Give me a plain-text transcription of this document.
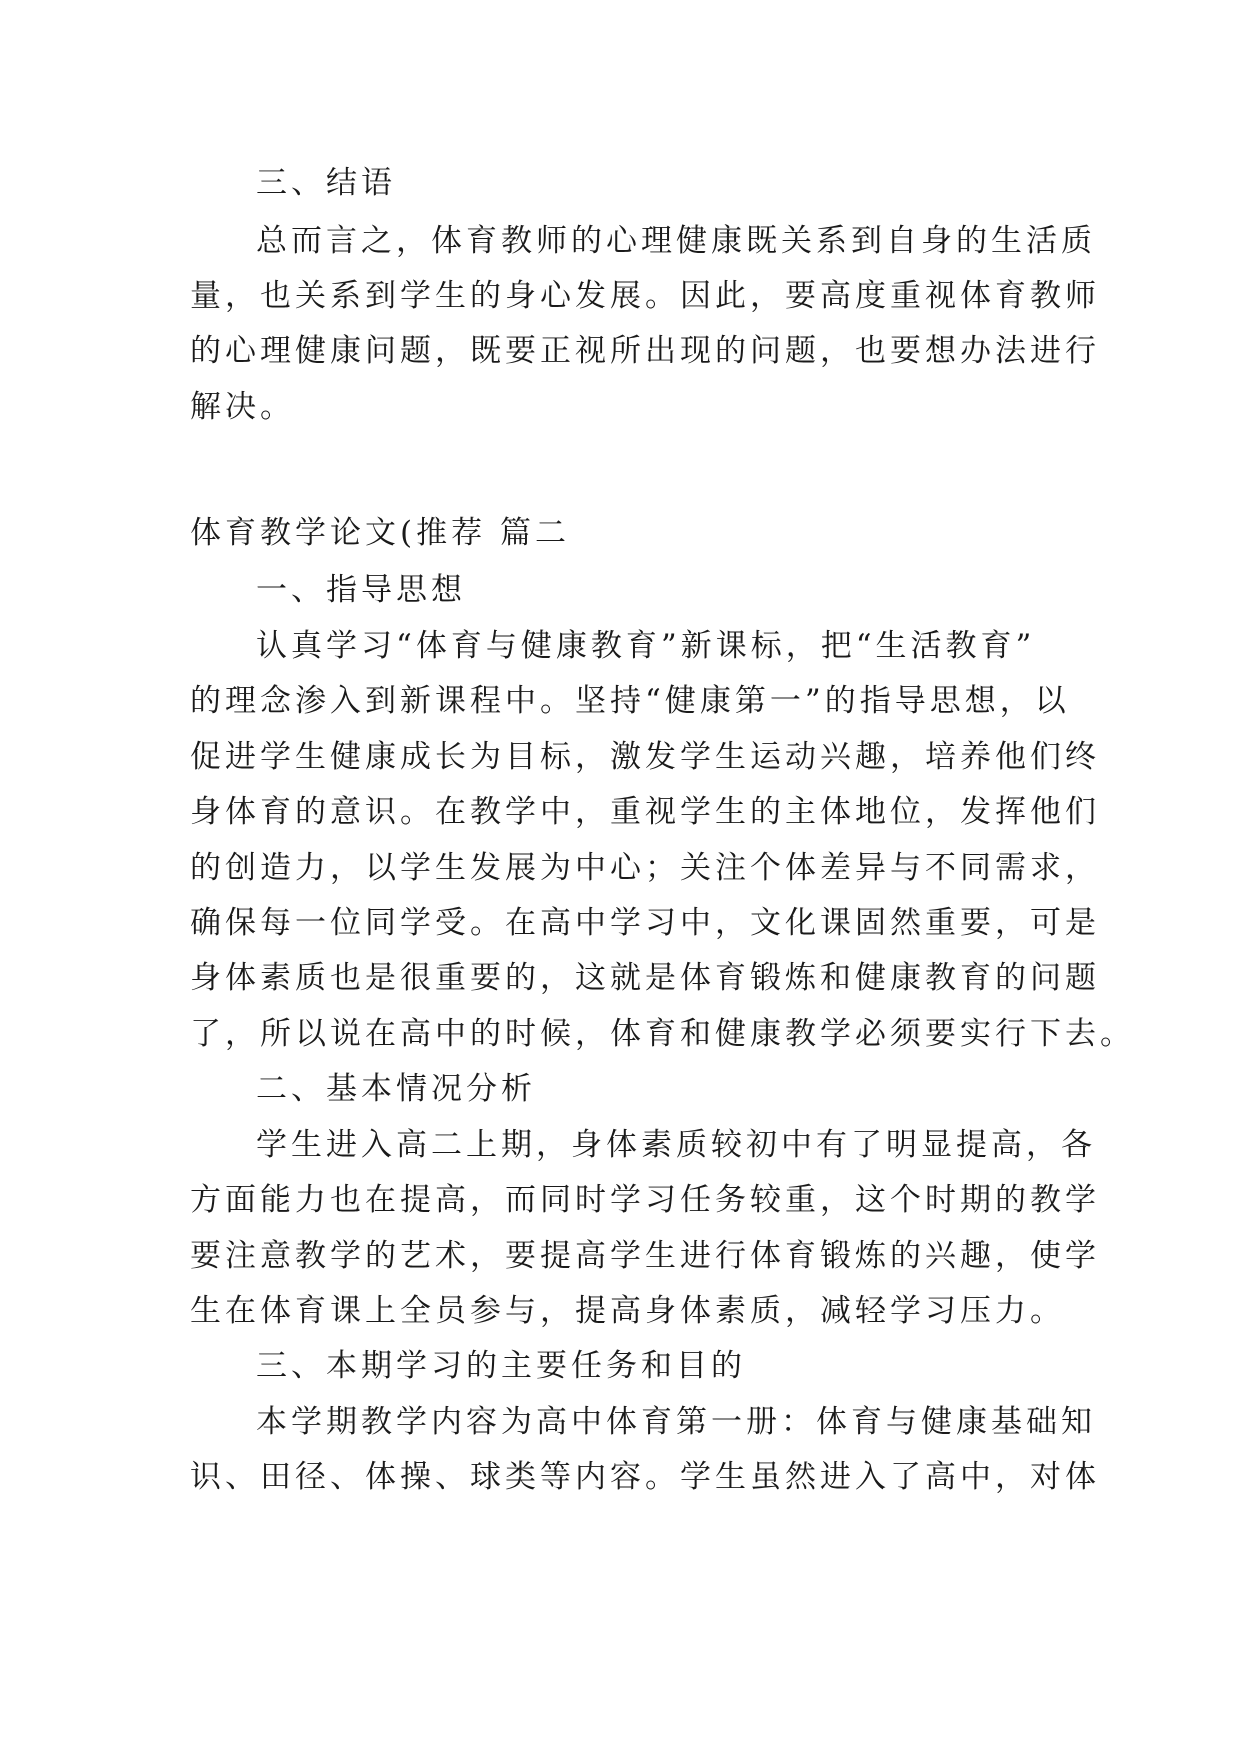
三、结语
总而言之，体育教师的心理健康既关系到自身的生活质
量，也关系到学生的身心发展。因此，要高度重视体育教师
的心理健康问题，既要正视所出现的问题，也要想办法进行
解决。
体育教学论文(推荐 篇二
一、指导思想
认真学习“体育与健康教育”新课标，把“生活教育”
的理念渗入到新课程中。坚持“健康第一”的指导思想，以
促进学生健康成长为目标，激发学生运动兴趣，培养他们终
身体育的意识。在教学中，重视学生的主体地位，发挥他们
的创造力，以学生发展为中心；关注个体差异与不同需求，
确保每一位同学受。在高中学习中，文化课固然重要，可是
身体素质也是很重要的，这就是体育锻炼和健康教育的问题
了，所以说在高中的时候，体育和健康教学必须要实行下去。
二、基本情况分析
学生进入高二上期，身体素质较初中有了明显提高，各
方面能力也在提高，而同时学习任务较重，这个时期的教学
要注意教学的艺术，要提高学生进行体育锻炼的兴趣，使学
生在体育课上全员参与，提高身体素质，减轻学习压力。
三、本期学习的主要任务和目的
本学期教学内容为高中体育第一册：体育与健康基础知
识、田径、体操、球类等内容。学生虽然进入了高中，对体
